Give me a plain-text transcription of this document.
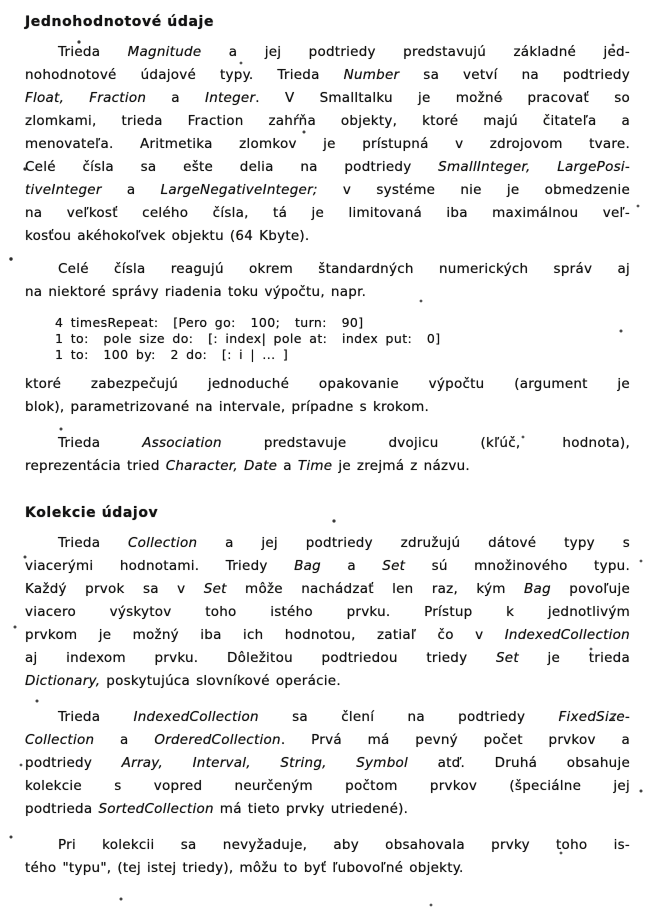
Jednohodnotové údaje
Trieda Magnitude a jej podtriedy predstavujú základné jed-
nohodnotové údajové typy. Trieda Number sa vetví na podtriedy
Float, Fraction a Integer. V Smalltalku je možné pracovať so
zlomkami, trieda Fraction zahŕňa objekty, ktoré majú čitateľa a
menovateľa. Aritmetika zlomkov je prístupná v zdrojovom tvare.
Celé čísla sa ešte delia na podtriedy SmallInteger, LargePosi-
tiveInteger a LargeNegativeInteger; v systéme nie je obmedzenie
na veľkosť celého čísla, tá je limitovaná iba maximálnou veľ-
kosťou akéhokoľvek objektu (64 Kbyte).
Celé čísla reagujú okrem štandardných numerických správ aj
na niektoré správy riadenia toku výpočtu, napr.
4 timesRepeat:  [Pero go:  100;  turn:  90]
1 to:  pole size do:  [: index| pole at:  index put:  0]
1 to:  100 by:  2 do:  [: i | ... ]
ktoré zabezpečujú jednoduché opakovanie výpočtu (argument je
blok), parametrizované na intervale, prípadne s krokom.
Trieda Association predstavuje dvojicu (kľúč, hodnota),
reprezentácia tried Character, Date a Time je zrejmá z názvu.
Kolekcie údajov
Trieda Collection a jej podtriedy združujú dátové typy s
viacerými hodnotami. Triedy Bag a Set sú množinového typu.
Každý prvok sa v Set môže nachádzať len raz, kým Bag povoľuje
viacero výskytov toho istého prvku. Prístup k jednotlivým
prvkom je možný iba ich hodnotou, zatiaľ čo v IndexedCollection
aj indexom prvku. Dôležitou podtriedou triedy Set je trieda
Dictionary, poskytujúca slovníkové operácie.
Trieda IndexedCollection sa člení na podtriedy FixedSize-
Collection a OrderedCollection. Prvá má pevný počet prvkov a
podtriedy Array, Interval, String, Symbol atď. Druhá obsahuje
kolekcie s vopred neurčeným počtom prvkov (špeciálne jej
podtrieda SortedCollection má tieto prvky utriedené).
Pri kolekcii sa nevyžaduje, aby obsahovala prvky toho is-
tého "typu", (tej istej triedy), môžu to byť ľubovoľné objekty.
